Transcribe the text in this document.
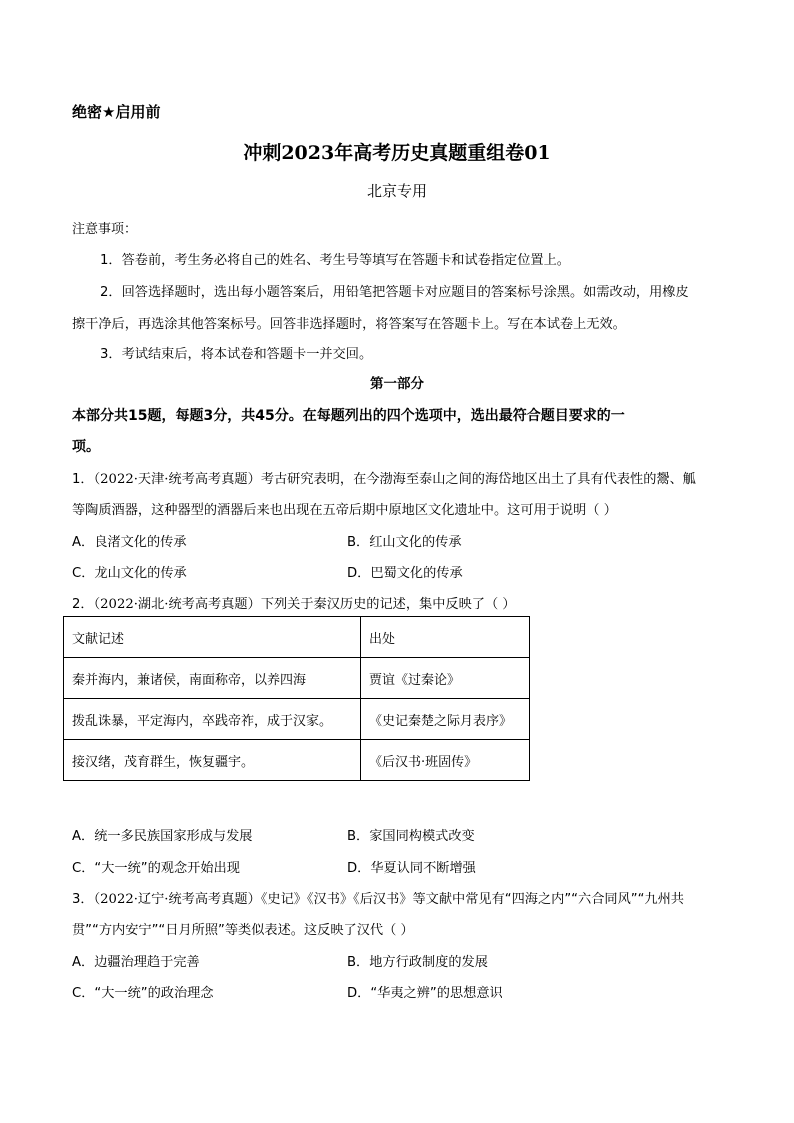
绝密★启用前
冲刺2023年高考历史真题重组卷01
北京专用
注意事项：
1．答卷前，考生务必将自己的姓名、考生号等填写在答题卡和试卷指定位置上。
2．回答选择题时，选出每小题答案后，用铅笔把答题卡对应题目的答案标号涂黑。如需改动，用橡皮
擦干净后，再选涂其他答案标号。回答非选择题时，将答案写在答题卡上。写在本试卷上无效。
3．考试结束后，将本试卷和答题卡一并交回。
第一部分
本部分共15题，每题3分，共45分。在每题列出的四个选项中，选出最符合题目要求的一
项。
1．（2022·天津·统考高考真题）考古研究表明，在今渤海至泰山之间的海岱地区出土了具有代表性的鬶、觚
等陶质酒器，这种器型的酒器后来也出现在五帝后期中原地区文化遗址中。这可用于说明（ ）
A．良渚文化的传承	B．红山文化的传承
C．龙山文化的传承	D．巴蜀文化的传承
2．（2022·湖北·统考高考真题）下列关于秦汉历史的记述，集中反映了（ ）
文献记述	出处
秦并海内，兼诸侯，南面称帝，以养四海	贾谊《过秦论》
拨乱诛暴，平定海内，卒践帝祚，成于汉家。	《史记秦楚之际月表序》
接汉绪，茂育群生，恢复疆宇。	《后汉书·班固传》
A．统一多民族国家形成与发展	B．家国同构模式改变
C．“大一统”的观念开始出现	D．华夏认同不断增强
3．（2022·辽宁·统考高考真题）《史记》《汉书》《后汉书》等文献中常见有“四海之内”“六合同风”“九州共
贯”“方内安宁”“日月所照”等类似表述。这反映了汉代（ ）
A．边疆治理趋于完善	B．地方行政制度的发展
C．“大一统”的政治理念	D．“华夷之辨”的思想意识
